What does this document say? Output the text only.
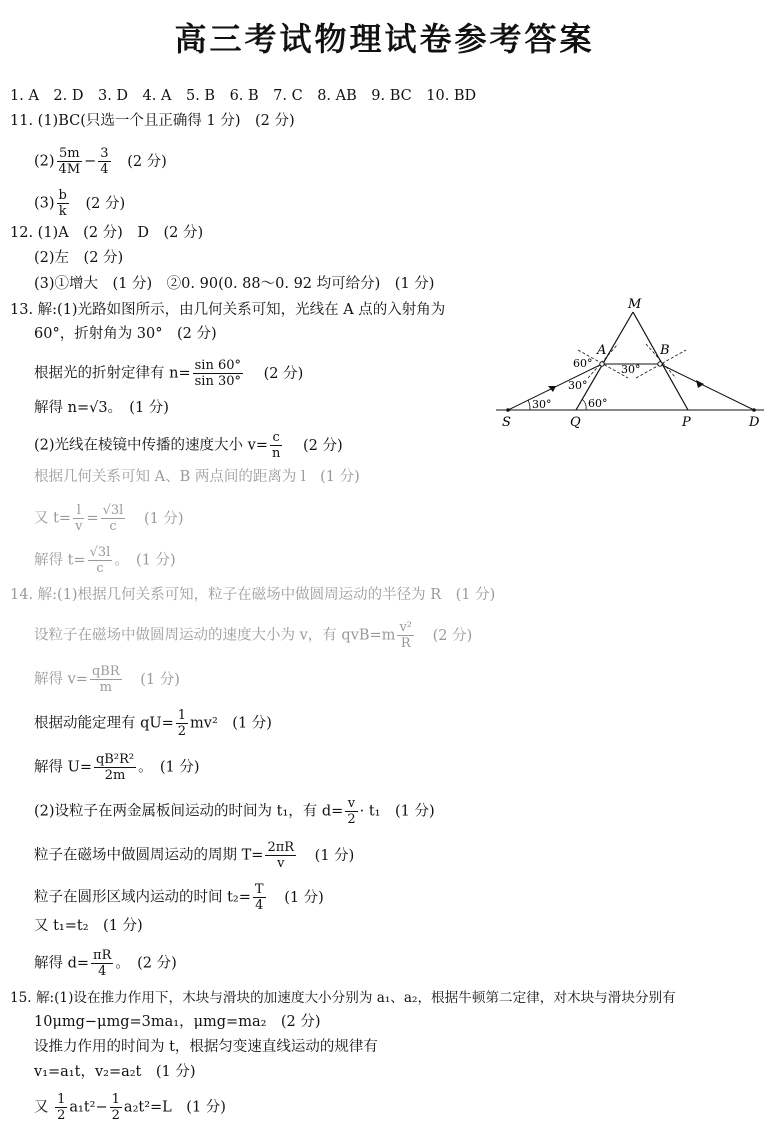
高三考试物理试卷参考答案
1. A　2. D　3. D　4. A　5. B　6. B　7. C　8. AB　9. BC　10. BD
11. (1)BC(只选一个且正确得 1 分)　(2 分)
$(2) \frac{5m}{4M} - \frac{3}{4} (2$ 分)
$(3) \frac{b}{k} (2$ 分)
12. (1)A　(2 分)　D　(2 分)
(2)左　(2 分)
(3)①增大　(1 分)　②0. 90(0. 88～0. 92 均可给分)　(1 分)
13. 解:(1)光路如图所示，由几何关系可知，光线在 A 点的入射角为
60°，折射角为 30°　(2 分)
根据光的折射定律有 $n= \frac{\sin 60^\circ}{\sin 30^\circ} (2$ 分)
解得 n=√3。　(1 分)
(2)光线在棱镜中传播的速度大小 $v= \frac{c}{n} (2$ 分)
根据几何关系可知 A、B 两点间的距离为 l　(1 分)
又 $t= \frac{l}{v} = \frac{√3l}{c} (1$ 分)
解得 $t= \frac{√3l}{c}$ 。　(1 分)
M
A	B
S	Q	P	D
60°
30°
30°
30°	60°
14. 解:(1)根据几何关系可知，粒子在磁场中做圆周运动的半径为 R　(1 分)
设粒子在磁场中做圆周运动的速度大小为 v，有 $qvB=m \frac{\text{v²}}{R} (2$ 分)
解得 $v= \frac{\text{qBR}}{m} (1$ 分)
根据动能定理有 $qU= \frac{1}{2} mv^2$　(1 分)
解得 $U= \frac{\text{qB²R²}}{2m}$ 。　(1 分)
(2)设粒子在两金属板间运动的时间为 t₁，有 $d= \frac{v}{2} \cdot t_1$　(1 分)
粒子在磁场中做圆周运动的周期 $T= \frac{2\pi R}{v} (1$ 分)
粒子在圆形区域内运动的时间 $t_2= \frac{T}{4} (1$ 分)
又 t₁=t₂　(1 分)
解得 $d= \frac{\pi R}{4}$ 。　(2 分)
15. 解:(1)设在推力作用下，木块与滑块的加速度大小分别为 a₁、a₂，根据牛顿第二定律，对木块与滑块分别有
10μmg−μmg=3ma₁，μmg=ma₂　(2 分)
设推力作用的时间为 t，根据匀变速直线运动的规律有
v₁=a₁t，v₂=a₂t　(1 分)
又 $\frac{1}{2} a_1t^2- \frac{1}{2} a_2t^2=L$　(1 分)
